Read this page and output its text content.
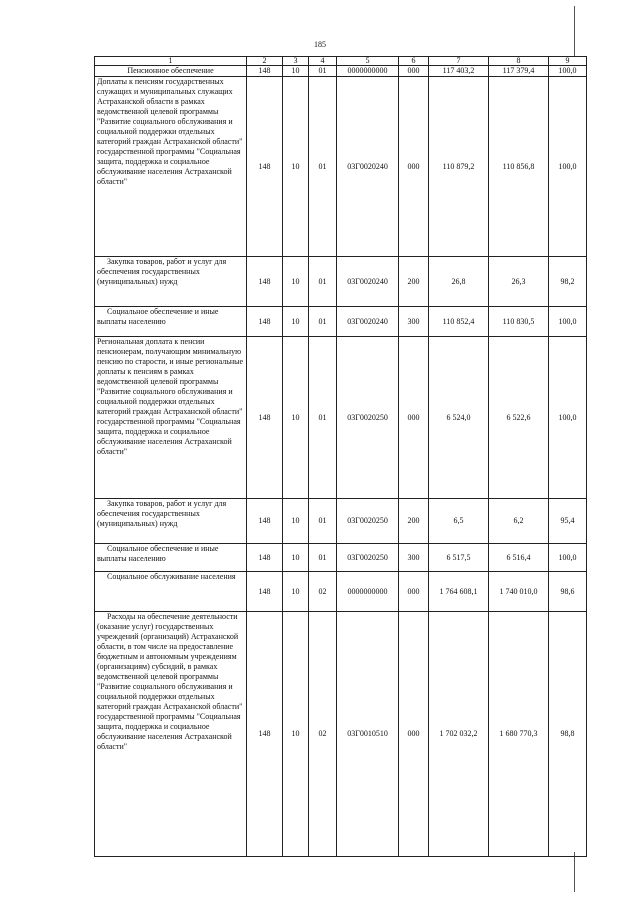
185
1	2	3	4	5	6	7	8	9
Пенсионное обеспечение	148	10	01	0000000000	000	117 403,2	117 379,4	100,0
Доплаты к пенсиям государственных служащих и муниципальных служащих Астраханской области в рамках ведомственной целевой программы "Развитие социального обслуживания и социальной поддержки отдельных категорий граждан Астраханской области" государственной программы "Социальная защита, поддержка и социальное обслуживание населения Астраханской области"	148	10	01	03Г0020240	000	110 879,2	110 856,8	100,0
Закупка товаров, работ и услуг для обеспечения государственных (муниципальных) нужд	148	10	01	03Г0020240	200	26,8	26,3	98,2
Социальное обеспечение и иные выплаты населению	148	10	01	03Г0020240	300	110 852,4	110 830,5	100,0
Региональная доплата к пенсии пенсионерам, получающим минимальную пенсию по старости, и иные региональные доплаты к пенсиям в рамках ведомственной целевой программы "Развитие социального обслуживания и социальной поддержки отдельных категорий граждан Астраханской области" государственной программы "Социальная защита, поддержка и социальное обслуживание населения Астраханской области"	148	10	01	03Г0020250	000	6 524,0	6 522,6	100,0
Закупка товаров, работ и услуг для обеспечения государственных (муниципальных) нужд	148	10	01	03Г0020250	200	6,5	6,2	95,4
Социальное обеспечение и иные выплаты населению	148	10	01	03Г0020250	300	6 517,5	6 516,4	100,0
Социальное обслуживание населения	148	10	02	0000000000	000	1 764 608,1	1 740 010,0	98,6
Расходы на обеспечение деятельности (оказание услуг) государственных учреждений (организаций) Астраханской области, в том числе на предоставление бюджетным и автономным учреждениям (организациям) субсидий, в рамках ведомственной целевой программы "Развитие социального обслуживания и социальной поддержки отдельных категорий граждан Астраханской области" государственной программы "Социальная защита, поддержка и социальное обслуживание населения Астраханской области"	148	10	02	03Г0010510	000	1 702 032,2	1 680 770,3	98,8
